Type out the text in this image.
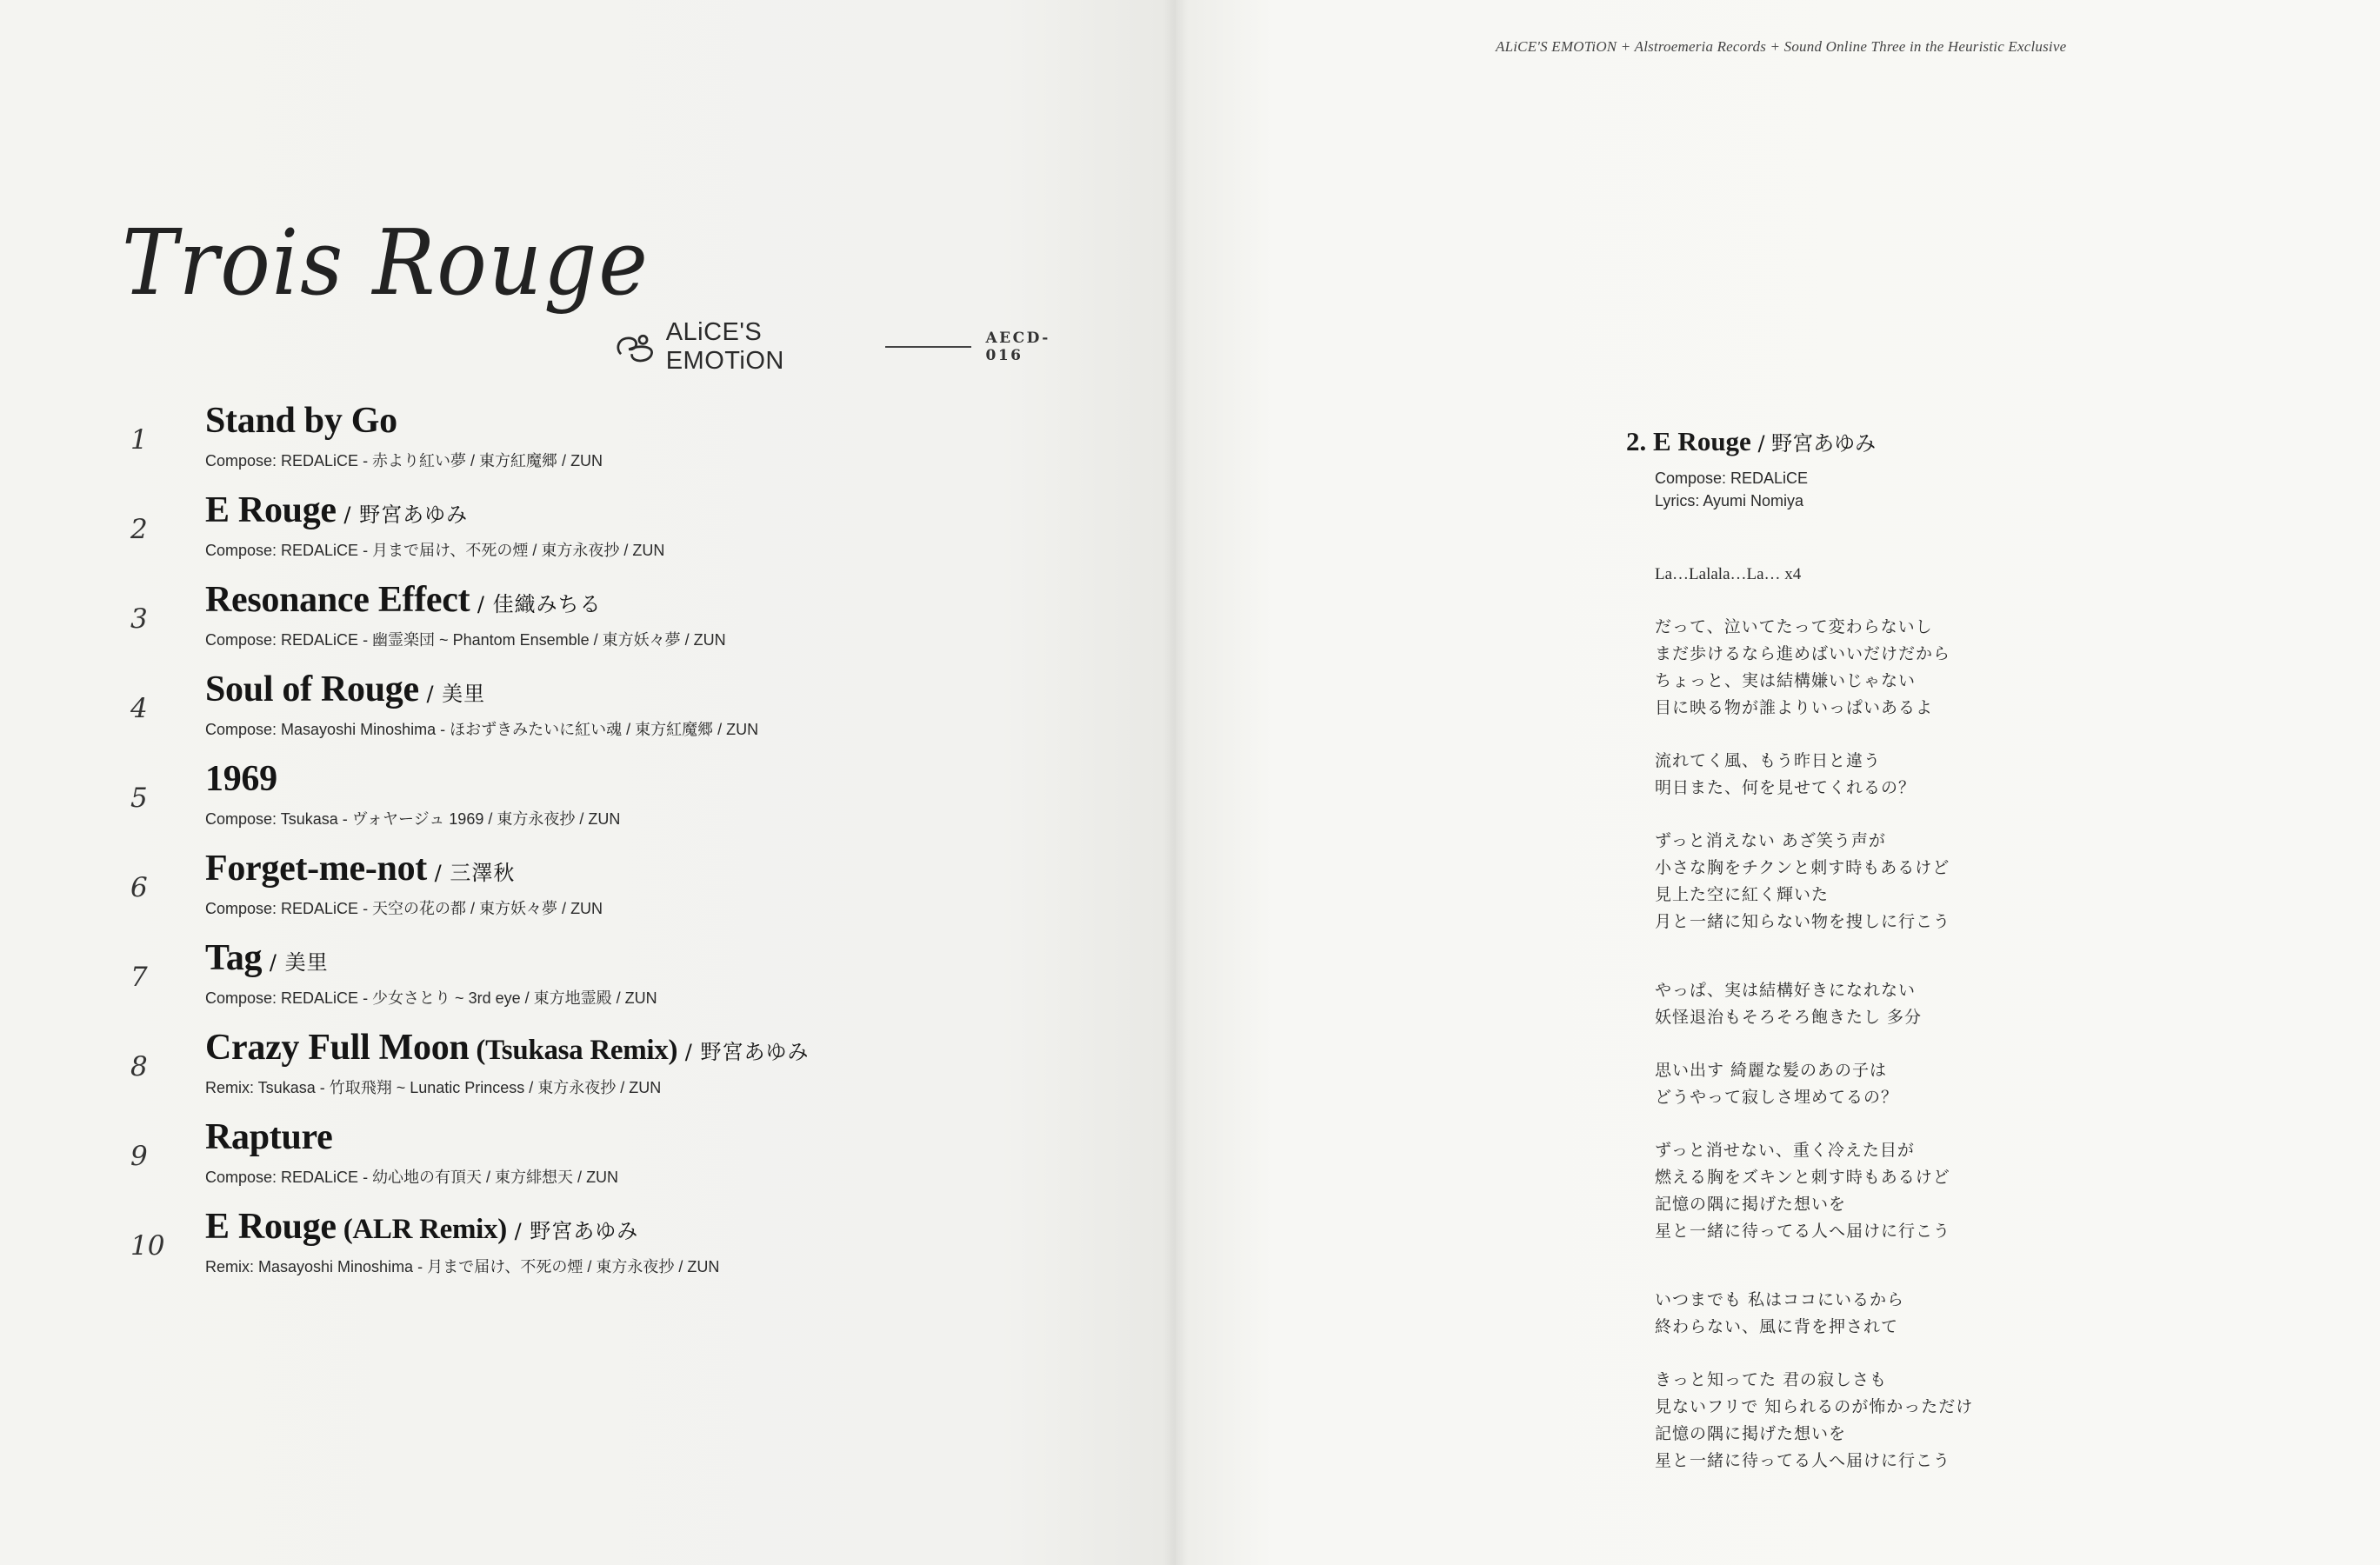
Trois Rouge
ALiCE'S EMOTiON
AECD-016
1	Stand by Go
Compose: REDALiCE - 赤より紅い夢 / 東方紅魔郷 / ZUN
2	E Rouge / 野宮あゆみ
Compose: REDALiCE - 月まで届け、不死の煙 / 東方永夜抄 / ZUN
3	Resonance Effect / 佳織みちる
Compose: REDALiCE - 幽霊楽団 ~ Phantom Ensemble / 東方妖々夢 / ZUN
4	Soul of Rouge / 美里
Compose: Masayoshi Minoshima - ほおずきみたいに紅い魂 / 東方紅魔郷 / ZUN
5	1969
Compose: Tsukasa - ヴォヤージュ 1969 / 東方永夜抄 / ZUN
6	Forget-me-not / 三澤秋
Compose: REDALiCE - 天空の花の都 / 東方妖々夢 / ZUN
7	Tag / 美里
Compose: REDALiCE - 少女さとり ~ 3rd eye / 東方地霊殿 / ZUN
8	Crazy Full Moon (Tsukasa Remix) / 野宮あゆみ
Remix: Tsukasa - 竹取飛翔 ~ Lunatic Princess / 東方永夜抄 / ZUN
9	Rapture
Compose: REDALiCE - 幼心地の有頂天 / 東方緋想天 / ZUN
10	E Rouge (ALR Remix) / 野宮あゆみ
Remix: Masayoshi Minoshima - 月まで届け、不死の煙 / 東方永夜抄 / ZUN
ALiCE'S EMOTiON + Alstroemeria Records + Sound Online Three in the Heuristic Exclusive
2. E Rouge / 野宮あゆみ
Compose: REDALiCE
Lyrics: Ayumi Nomiya
La…Lalala…La… x4
だって、泣いてたって変わらないし
まだ歩けるなら進めばいいだけだから
ちょっと、実は結構嫌いじゃない
目に映る物が誰よりいっぱいあるよ
流れてく風、もう昨日と違う
明日また、何を見せてくれるの？
ずっと消えない あざ笑う声が
小さな胸をチクンと刺す時もあるけど
見上た空に紅く輝いた
月と一緒に知らない物を捜しに行こう
やっぱ、実は結構好きになれない
妖怪退治もそろそろ飽きたし 多分
思い出す 綺麗な髪のあの子は
どうやって寂しさ埋めてるの？
ずっと消せない、重く冷えた目が
燃える胸をズキンと刺す時もあるけど
記憶の隅に掲げた想いを
星と一緒に待ってる人へ届けに行こう
いつまでも 私はココにいるから
終わらない、風に背を押されて
きっと知ってた 君の寂しさも
見ないフリで 知られるのが怖かっただけ
記憶の隅に掲げた想いを
星と一緒に待ってる人へ届けに行こう
